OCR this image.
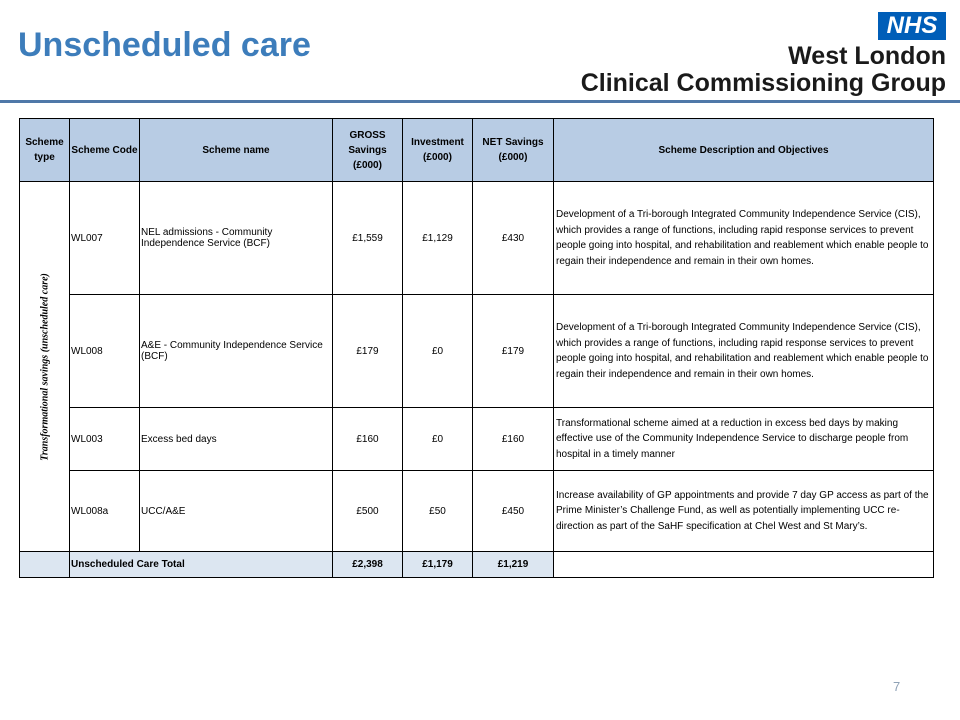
Unscheduled care
NHS
West London
Clinical Commissioning Group
Scheme type	Scheme Code	Scheme name	GROSS Savings (£000)	Investment (£000)	NET Savings (£000)	Scheme Description and Objectives

Transformational savings (unscheduled care)	WL007	NEL admissions - Community Independence Service (BCF)	£1,559	£1,129	£430	Development of a Tri-borough Integrated Community Independence Service (CIS), which provides a range of functions, including rapid response services to prevent people going into hospital, and rehabilitation and reablement which enable people to regain their independence and remain in their own homes.
	WL008	A&E - Community Independence Service (BCF)	£179	£0	£179	Development of a Tri-borough Integrated Community Independence Service (CIS), which provides a range of functions, including rapid response services to prevent people going into hospital, and rehabilitation and reablement which enable people to regain their independence and remain in their own homes.
	WL003	Excess bed days	£160	£0	£160	Transformational scheme aimed at a reduction in excess bed days by making effective use of the Community Independence Service to discharge people from hospital in a timely manner
	WL008a	UCC/A&E	£500	£50	£450	Increase availability of GP appointments and provide 7 day GP access as part of the Prime Minister’s Challenge Fund, as well as potentially implementing UCC re-direction as part of the SaHF specification at Chel West and St Mary’s.
	Unscheduled Care Total		£2,398	£1,179	£1,219	
7
